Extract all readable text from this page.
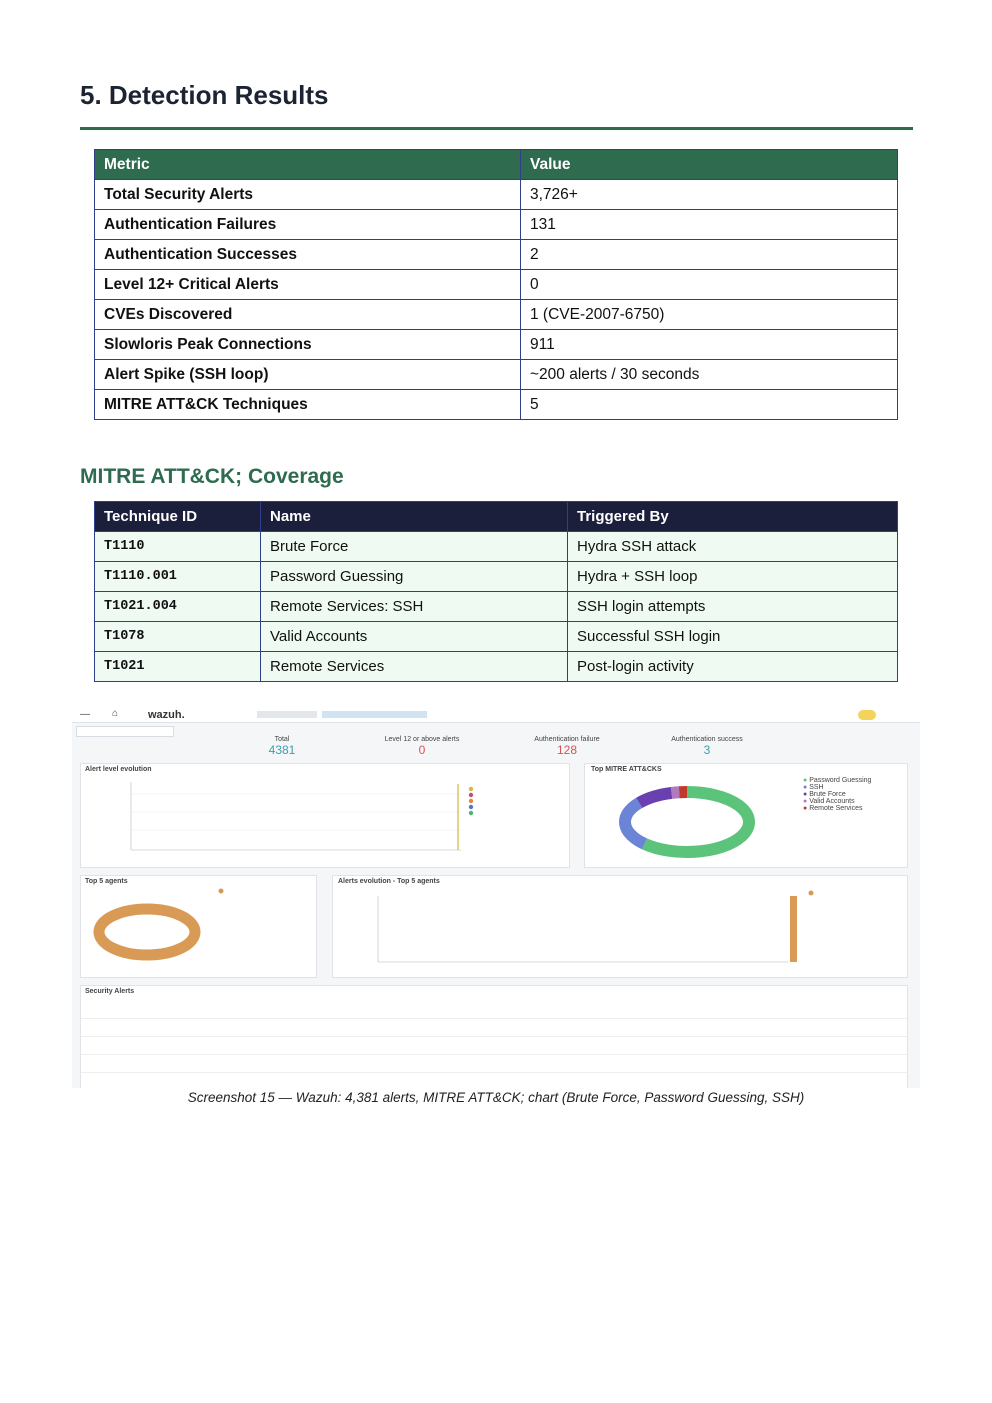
5. Detection Results
Metric	Value
Total Security Alerts	3,726+
Authentication Failures	131
Authentication Successes	2
Level 12+ Critical Alerts	0
CVEs Discovered	1 (CVE-2007-6750)
Slowloris Peak Connections	911
Alert Spike (SSH loop)	~200 alerts / 30 seconds
MITRE ATT&CK Techniques	5
MITRE ATT&CK; Coverage
Technique ID	Name	Triggered By
T1110	Brute Force	Hydra SSH attack
T1110.001	Password Guessing	Hydra + SSH loop
T1021.004	Remote Services: SSH	SSH login attempts
T1078	Valid Accounts	Successful SSH login
T1021	Remote Services	Post-login activity
— ⌂	wazuh.
Total
4381
Level 12 or above alerts
0
Authentication failure
128
Authentication success
3
Alert level evolution	Top MITRE ATT&CKS
● Password Guessing
● SSH
● Brute Force
● Valid Accounts
● Remote Services
Top 5 agents	Alerts evolution - Top 5 agents
Security Alerts
Screenshot 15 — Wazuh: 4,381 alerts, MITRE ATT&CK; chart (Brute Force, Password Guessing, SSH)
